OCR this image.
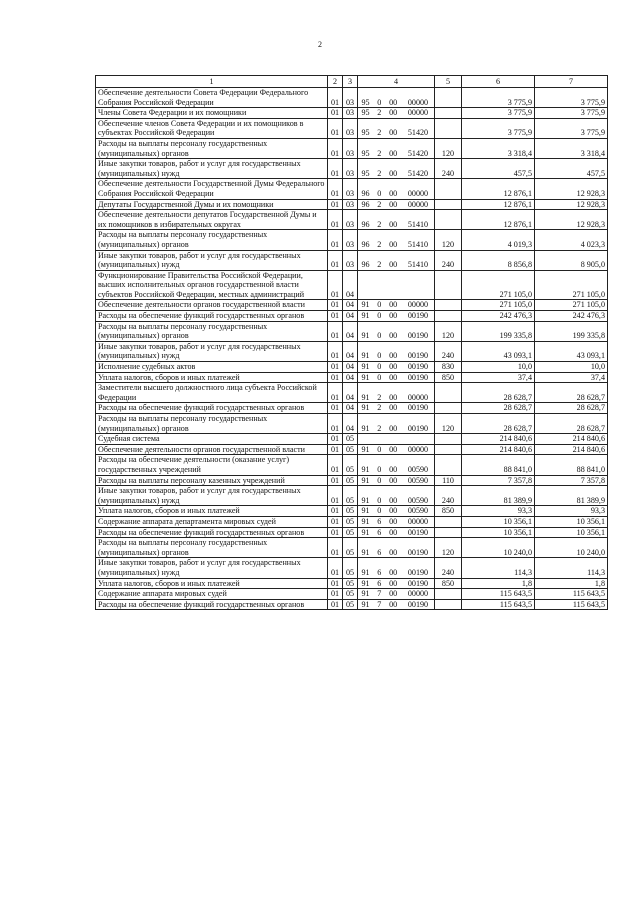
2
1	2	3	4	5	6	7
Обеспечение деятельности Совета Федерации Федерального Собрания Российской Федерации	01	03	95 0 00 00000		3 775,9	3 775,9
Члены Совета Федерации и их помощники	01	03	95 2 00 00000		3 775,9	3 775,9
Обеспечение членов Совета Федерации и их помощников в субъектах Российской Федерации	01	03	95 2 00 51420		3 775,9	3 775,9
Расходы на выплаты персоналу государственных (муниципальных) органов	01	03	95 2 00 51420	120	3 318,4	3 318,4
Иные закупки товаров, работ и услуг для государственных (муниципальных) нужд	01	03	95 2 00 51420	240	457,5	457,5
Обеспечение деятельности Государственной Думы Федерального Собрания Российской Федерации	01	03	96 0 00 00000		12 876,1	12 928,3
Депутаты Государственной Думы и их помощники	01	03	96 2 00 00000		12 876,1	12 928,3
Обеспечение деятельности депутатов Государственной Думы и их помощников в избирательных округах	01	03	96 2 00 51410		12 876,1	12 928,3
Расходы на выплаты персоналу государственных (муниципальных) органов	01	03	96 2 00 51410	120	4 019,3	4 023,3
Иные закупки товаров, работ и услуг для государственных (муниципальных) нужд	01	03	96 2 00 51410	240	8 856,8	8 905,0
Функционирование Правительства Российской Федерации, высших исполнительных органов государственной власти субъектов Российской Федерации, местных администраций	01	04			271 105,0	271 105,0
Обеспечение деятельности органов государственной власти	01	04	91 0 00 00000		271 105,0	271 105,0
Расходы на обеспечение функций государственных органов	01	04	91 0 00 00190		242 476,3	242 476,3
Расходы на выплаты персоналу государственных (муниципальных) органов	01	04	91 0 00 00190	120	199 335,8	199 335,8
Иные закупки товаров, работ и услуг для государственных (муниципальных) нужд	01	04	91 0 00 00190	240	43 093,1	43 093,1
Исполнение судебных актов	01	04	91 0 00 00190	830	10,0	10,0
Уплата налогов, сборов и иных платежей	01	04	91 0 00 00190	850	37,4	37,4
Заместители высшего должностного лица субъекта Российской Федерации	01	04	91 2 00 00000		28 628,7	28 628,7
Расходы на обеспечение функций государственных органов	01	04	91 2 00 00190		28 628,7	28 628,7
Расходы на выплаты персоналу государственных (муниципальных) органов	01	04	91 2 00 00190	120	28 628,7	28 628,7
Судебная система	01	05			214 840,6	214 840,6
Обеспечение деятельности органов государственной власти	01	05	91 0 00 00000		214 840,6	214 840,6
Расходы на обеспечение деятельности (оказание услуг) государственных учреждений	01	05	91 0 00 00590		88 841,0	88 841,0
Расходы на выплаты персоналу казенных учреждений	01	05	91 0 00 00590	110	7 357,8	7 357,8
Иные закупки товаров, работ и услуг для государственных (муниципальных) нужд	01	05	91 0 00 00590	240	81 389,9	81 389,9
Уплата налогов, сборов и иных платежей	01	05	91 0 00 00590	850	93,3	93,3
Содержание аппарата департамента мировых судей	01	05	91 6 00 00000		10 356,1	10 356,1
Расходы на обеспечение функций государственных органов	01	05	91 6 00 00190		10 356,1	10 356,1
Расходы на выплаты персоналу государственных (муниципальных) органов	01	05	91 6 00 00190	120	10 240,0	10 240,0
Иные закупки товаров, работ и услуг для государственных (муниципальных) нужд	01	05	91 6 00 00190	240	114,3	114,3
Уплата налогов, сборов и иных платежей	01	05	91 6 00 00190	850	1,8	1,8
Содержание аппарата мировых судей	01	05	91 7 00 00000		115 643,5	115 643,5
Расходы на обеспечение функций государственных органов	01	05	91 7 00 00190		115 643,5	115 643,5
